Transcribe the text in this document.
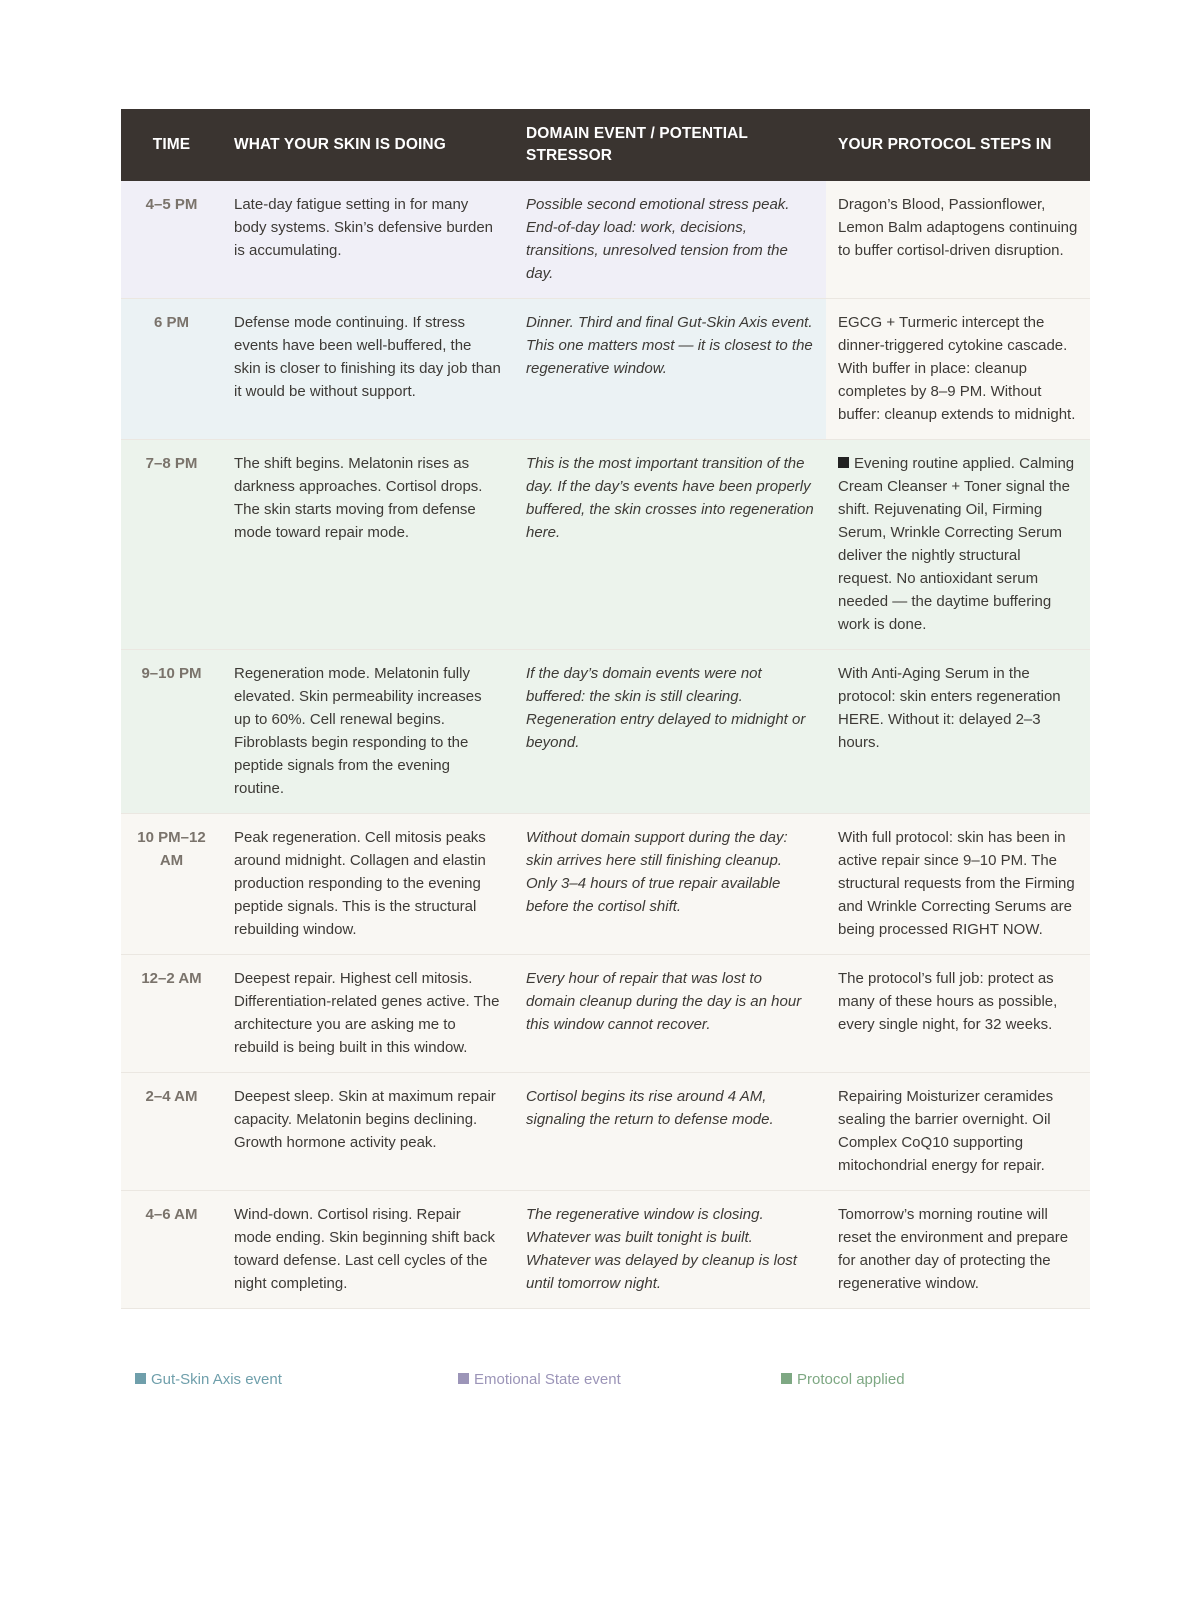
TIME	WHAT YOUR SKIN IS DOING	DOMAIN EVENT / POTENTIAL STRESSOR	YOUR PROTOCOL STEPS IN
4–5 PM	Late-day fatigue setting in for many body systems. Skin’s defensive burden is accumulating.	Possible second emotional stress peak. End-of-day load: work, decisions, transitions, unresolved tension from the day.	Dragon’s Blood, Passionflower, Lemon Balm adaptogens continuing to buffer cortisol-driven disruption.
6 PM	Defense mode continuing. If stress events have been well-buffered, the skin is closer to finishing its day job than it would be without support.	Dinner. Third and final Gut-Skin Axis event. This one matters most — it is closest to the regenerative window.	EGCG + Turmeric intercept the dinner-triggered cytokine cascade. With buffer in place: cleanup completes by 8–9 PM. Without buffer: cleanup extends to midnight.
7–8 PM	The shift begins. Melatonin rises as darkness approaches. Cortisol drops. The skin starts moving from defense mode toward repair mode.	This is the most important transition of the day. If the day’s events have been properly buffered, the skin crosses into regeneration here.	Evening routine applied. Calming Cream Cleanser + Toner signal the shift. Rejuvenating Oil, Firming Serum, Wrinkle Correcting Serum deliver the nightly structural request. No antioxidant serum needed — the daytime buffering work is done.
9–10 PM	Regeneration mode. Melatonin fully elevated. Skin permeability increases up to 60%. Cell renewal begins. Fibroblasts begin responding to the peptide signals from the evening routine.	If the day’s domain events were not buffered: the skin is still clearing. Regeneration entry delayed to midnight or beyond.	With Anti-Aging Serum in the protocol: skin enters regeneration HERE. Without it: delayed 2–3 hours.
10 PM–12 AM	Peak regeneration. Cell mitosis peaks around midnight. Collagen and elastin production responding to the evening peptide signals. This is the structural rebuilding window.	Without domain support during the day: skin arrives here still finishing cleanup. Only 3–4 hours of true repair available before the cortisol shift.	With full protocol: skin has been in active repair since 9–10 PM. The structural requests from the Firming and Wrinkle Correcting Serums are being processed RIGHT NOW.
12–2 AM	Deepest repair. Highest cell mitosis. Differentiation-related genes active. The architecture you are asking me to rebuild is being built in this window.	Every hour of repair that was lost to domain cleanup during the day is an hour this window cannot recover.	The protocol’s full job: protect as many of these hours as possible, every single night, for 32 weeks.
2–4 AM	Deepest sleep. Skin at maximum repair capacity. Melatonin begins declining. Growth hormone activity peak.	Cortisol begins its rise around 4 AM, signaling the return to defense mode.	Repairing Moisturizer ceramides sealing the barrier overnight. Oil Complex CoQ10 supporting mitochondrial energy for repair.
4–6 AM	Wind-down. Cortisol rising. Repair mode ending. Skin beginning shift back toward defense. Last cell cycles of the night completing.	The regenerative window is closing. Whatever was built tonight is built. Whatever was delayed by cleanup is lost until tomorrow night.	Tomorrow’s morning routine will reset the environment and prepare for another day of protecting the regenerative window.
Gut-Skin Axis event	Emotional State event	Protocol applied
